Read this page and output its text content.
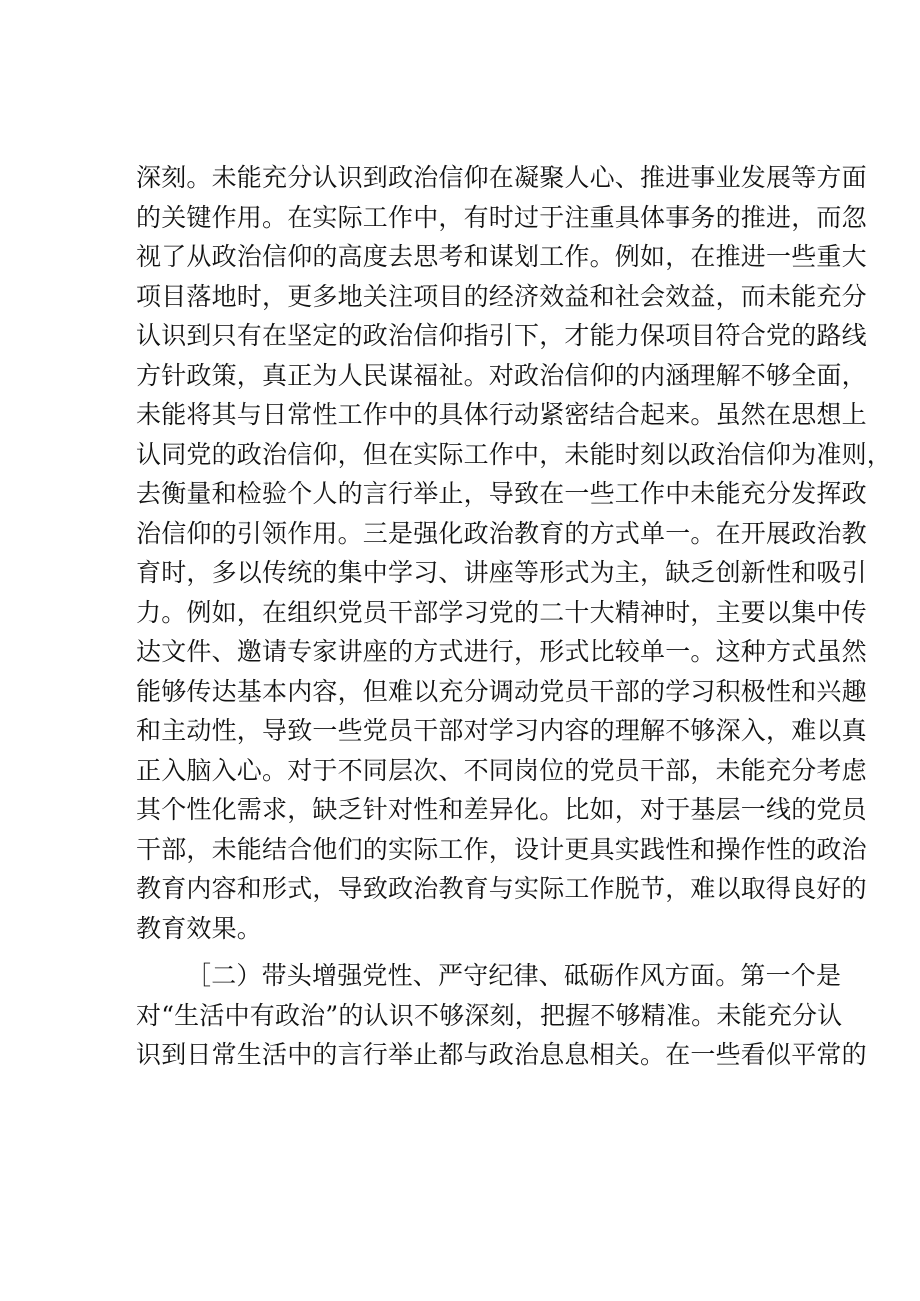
深刻。未能充分认识到政治信仰在凝聚人心、推进事业发展等方面
的关键作用。在实际工作中，有时过于注重具体事务的推进，而忽
视了从政治信仰的高度去思考和谋划工作。例如，在推进一些重大
项目落地时，更多地关注项目的经济效益和社会效益，而未能充分
认识到只有在坚定的政治信仰指引下，才能力保项目符合党的路线
方针政策，真正为人民谋福祉。对政治信仰的内涵理解不够全面，
未能将其与日常性工作中的具体行动紧密结合起来。虽然在思想上
认同党的政治信仰，但在实际工作中，未能时刻以政治信仰为准则，
去衡量和检验个人的言行举止，导致在一些工作中未能充分发挥政
治信仰的引领作用。三是强化政治教育的方式单一。在开展政治教
育时，多以传统的集中学习、讲座等形式为主，缺乏创新性和吸引
力。例如，在组织党员干部学习党的二十大精神时，主要以集中传
达文件、邀请专家讲座的方式进行，形式比较单一。这种方式虽然
能够传达基本内容，但难以充分调动党员干部的学习积极性和兴趣
和主动性，导致一些党员干部对学习内容的理解不够深入，难以真
正入脑入心。对于不同层次、不同岗位的党员干部，未能充分考虑
其个性化需求，缺乏针对性和差异化。比如，对于基层一线的党员
干部，未能结合他们的实际工作，设计更具实践性和操作性的政治
教育内容和形式，导致政治教育与实际工作脱节，难以取得良好的
教育效果。
［二）带头增强党性、严守纪律、砥砺作风方面。第一个是
对“生活中有政治”的认识不够深刻，把握不够精准。未能充分认
识到日常生活中的言行举止都与政治息息相关。在一些看似平常的
